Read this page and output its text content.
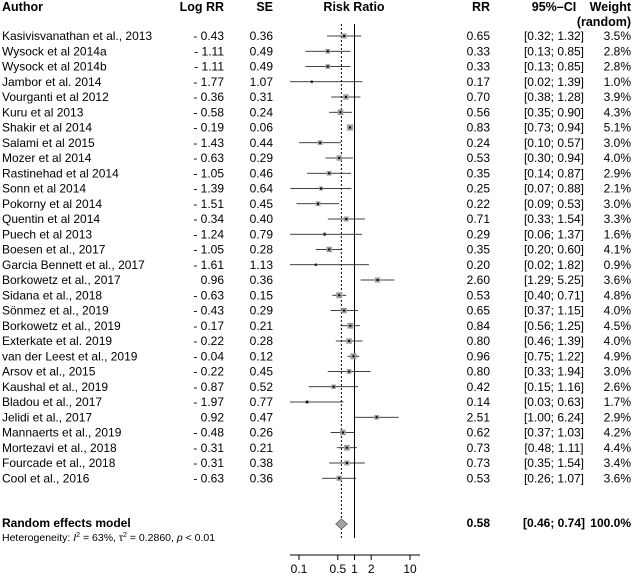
Author	Log RR	SE	Risk Ratio	RR	95%–CI Weight
(random)
Kasivisvanathan et al., 2013	- 0.43 0.36	0.65	[0.32; 1.32] 3.5%
Wysock et al 2014a	- 1.11 0.49	0.33	[0.13; 0.85] 2.8%
Wysock et al 2014b	- 1.11 0.49	0.33	[0.13; 0.85] 2.8%
Jambor et al. 2014	- 1.77 1.07	0.17	[0.02; 1.39] 1.0%
Vourganti et al 2012	- 0.36 0.31	0.70	[0.38; 1.28] 3.9%
Kuru et al 2013	- 0.58 0.24	0.56	[0.35; 0.90] 4.3%
Shakir et al 2014	- 0.19 0.06	0.83	[0.73; 0.94] 5.1%
Salami et al 2015	- 1.43 0.44	0.24	[0.10; 0.57] 3.0%
Mozer et al 2014	- 0.63 0.29	0.53	[0.30; 0.94] 4.0%
Rastinehad et al 2014	- 1.05 0.46	0.35	[0.14; 0.87] 2.9%
Sonn et al 2014	- 1.39 0.64	0.25	[0.07; 0.88] 2.1%
Pokorny et al 2014	- 1.51 0.45	0.22	[0.09; 0.53] 3.0%
Quentin et al 2014	- 0.34 0.40	0.71	[0.33; 1.54] 3.3%
Puech et al 2013	- 1.24 0.79	0.29	[0.06; 1.37] 1.6%
Boesen et al., 2017	- 1.05 0.28	0.35	[0.20; 0.60] 4.1%
Garcia Bennett et al., 2017	- 1.61 1.13	0.20	[0.02; 1.82] 0.9%
Borkowetz et al., 2017	0.96 0.36	2.60	[1.29; 5.25] 3.6%
Sidana et al., 2018	- 0.63 0.15	0.53	[0.40; 0.71] 4.8%
Sönmez et al., 2019	- 0.43 0.29	0.65	[0.37; 1.15] 4.0%
Borkowetz et al., 2019	- 0.17 0.21	0.84	[0.56; 1.25] 4.5%
Exterkate et al. 2019	- 0.22 0.28	0.80	[0.46; 1.39] 4.0%
van der Leest et al., 2019	- 0.04 0.12	0.96	[0.75; 1.22] 4.9%
Arsov et al., 2015	- 0.22 0.45	0.80	[0.33; 1.94] 3.0%
Kaushal et al., 2019	- 0.87 0.52	0.42	[0.15; 1.16] 2.6%
Bladou et al., 2017	- 1.97 0.77	0.14	[0.03; 0.63] 1.7%
Jelidi et al., 2017	0.92 0.47	2.51	[1.00; 6.24] 2.9%
Mannaerts et al., 2019	- 0.48 0.26	0.62	[0.37; 1.03] 4.2%
Mortezavi et al., 2018	- 0.31 0.21	0.73	[0.48; 1.11] 4.4%
Fourcade et al., 2018	- 0.31 0.38	0.73	[0.35; 1.54] 3.4%
Cool et al., 2016	- 0.63 0.36	0.53	[0.26; 1.07] 3.6%
Random effects model	0.58	[0.46; 0.74] 100.0%
Heterogeneity: $I^2 = 63\%$, $\tau^2 = 0.2860$, p < 0.01
0.1 0.5 1 2 10
